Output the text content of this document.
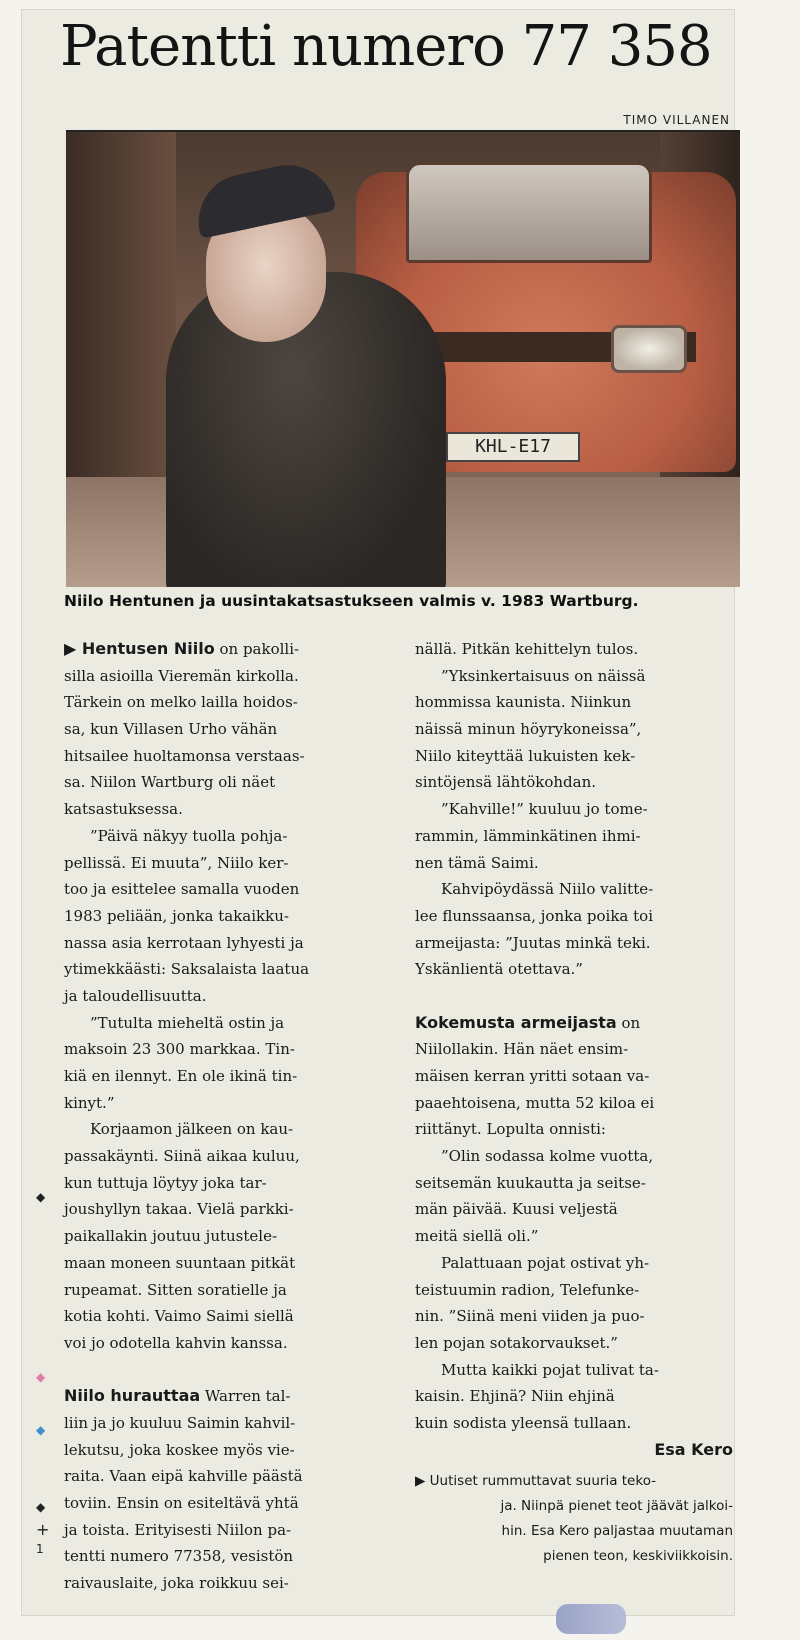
Patentti numero 77 358
TIMO VILLANEN
KHL-E17
Niilo Hentunen ja uusintakatsastukseen valmis v. 1983 Wartburg.
▶ Hentusen Niilo on pakolli-
silla asioilla Vieremän kirkolla.
Tärkein on melko lailla hoidos-
sa, kun Villasen Urho vähän
hitsailee huoltamonsa verstaas-
sa. Niilon Wartburg oli näet
katsastuksessa.
”Päivä näkyy tuolla pohja-
pellissä. Ei muuta”, Niilo ker-
too ja esittelee samalla vuoden
1983 peliään, jonka takaikku-
nassa asia kerrotaan lyhyesti ja
ytimekkäästi: Saksalaista laatua
ja taloudellisuutta.
”Tutulta mieheltä ostin ja
maksoin 23 300 markkaa. Tin-
kiä en ilennyt. En ole ikinä tin-
kinyt.”
Korjaamon jälkeen on kau-
passakäynti. Siinä aikaa kuluu,
kun tuttuja löytyy joka tar-
joushyllyn takaa. Vielä parkki-
paikallakin joutuu jutustele-
maan moneen suuntaan pitkät
rupeamat. Sitten soratielle ja
kotia kohti. Vaimo Saimi siellä
voi jo odotella kahvin kanssa.
Niilo hurauttaa Warren tal-
liin ja jo kuuluu Saimin kahvil-
lekutsu, joka koskee myös vie-
raita. Vaan eipä kahville päästä
toviin. Ensin on esiteltävä yhtä
ja toista. Erityisesti Niilon pa-
tentti numero 77358, vesistön
raivauslaite, joka roikkuu sei-
nällä. Pitkän kehittelyn tulos.
”Yksinkertaisuus on näissä
hommissa kaunista. Niinkun
näissä minun höyrykoneissa”,
Niilo kiteyttää lukuisten kek-
sintöjensä lähtökohdan.
”Kahville!” kuuluu jo tome-
rammin, lämminkätinen ihmi-
nen tämä Saimi.
Kahvipöydässä Niilo valitte-
lee flunssaansa, jonka poika toi
armeijasta: ”Juutas minkä teki.
Yskänlientä otettava.”
Kokemusta armeijasta on
Niilollakin. Hän näet ensim-
mäisen kerran yritti sotaan va-
paaehtoisena, mutta 52 kiloa ei
riittänyt. Lopulta onnisti:
”Olin sodassa kolme vuotta,
seitsemän kuukautta ja seitse-
män päivää. Kuusi veljestä
meitä siellä oli.”
Palattuaan pojat ostivat yh-
teistuumin radion, Telefunke-
nin. ”Siinä meni viiden ja puo-
len pojan sotakorvaukset.”
Mutta kaikki pojat tulivat ta-
kaisin. Ehjinä? Niin ehjinä
kuin sodista yleensä tullaan.
Esa Kero
▶ Uutiset rummuttavat suuria teko-
ja. Niinpä pienet teot jäävät jalkoi-
hin. Esa Kero paljastaa muutaman
pienen teon, keskiviikkoisin.
◆
◆
◆
◆
+
1
